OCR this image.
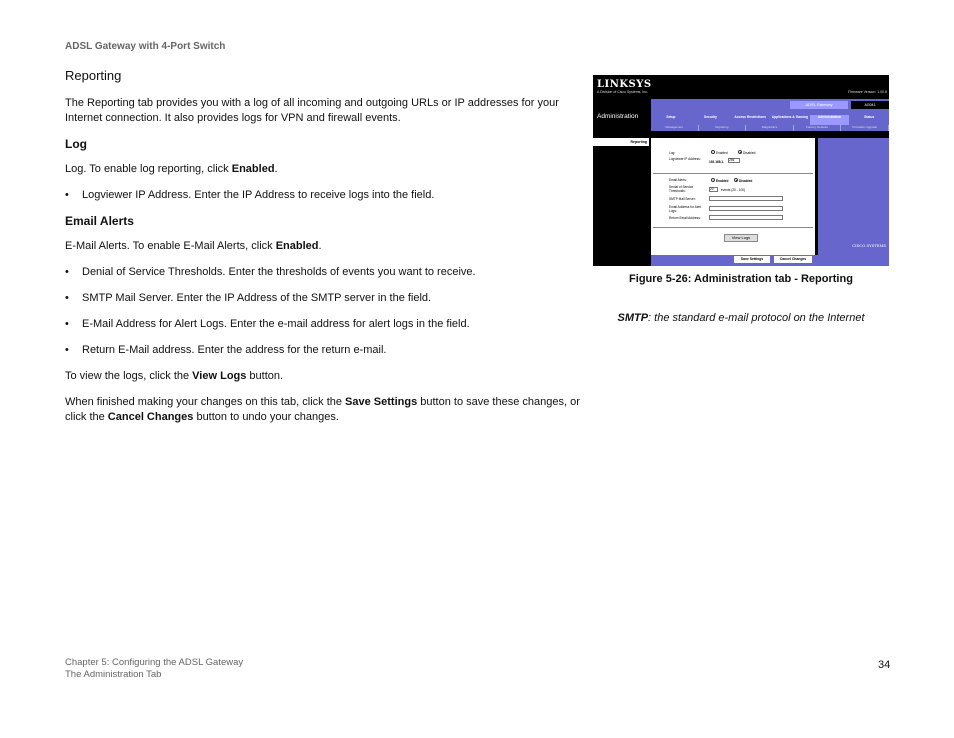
ADSL Gateway with 4-Port Switch
Reporting

The Reporting tab provides you with a log of all incoming and outgoing URLs or IP addresses for your Internet connection. It also provides logs for VPN and firewall events.

Log

Log. To enable log reporting, click Enabled.

• Logviewer IP Address. Enter the IP Address to receive logs into the field.
Email Alerts

E-Mail Alerts. To enable E-Mail Alerts, click Enabled.

• Denial of Service Thresholds. Enter the thresholds of events you want to receive.
• SMTP Mail Server. Enter the IP Address of the SMTP server in the field.
• E-Mail Address for Alert Logs. Enter the e-mail address for alert logs in the field.
• Return E-Mail address. Enter the address for the return e-mail.

To view the logs, click the View Logs button.

When finished making your changes on this tab, click the Save Settings button to save these changes, or click the Cancel Changes button to undo your changes.

LINKSYS
A Division of Cisco Systems, Inc.	Firmware Version: 1.00.8
ADSL Gateway	AG041
Administration	Setup	Security	Access Restrictions	Applications & Gaming	Administration	Status
Management	Reporting	Diagnostics	Factory Defaults	Firmware Upgrade
Reporting
Log:	Enabled	Disabled
Logviewer IP Address:
192.168.1.	255
Email Alerts:	Enabled	Disabled
Denial of Service Thresholds:	20	events (20 - 100)
SMTP Mail Server:
Email Address for Alert Logs:
Return Email Address:
View Logs
CISCO SYSTEMS
Save Settings	Cancel Changes
Figure 5-26: Administration tab - Reporting
SMTP: the standard e-mail protocol on the Internet
Chapter 5: Configuring the ADSL Gateway
The Administration Tab
34
